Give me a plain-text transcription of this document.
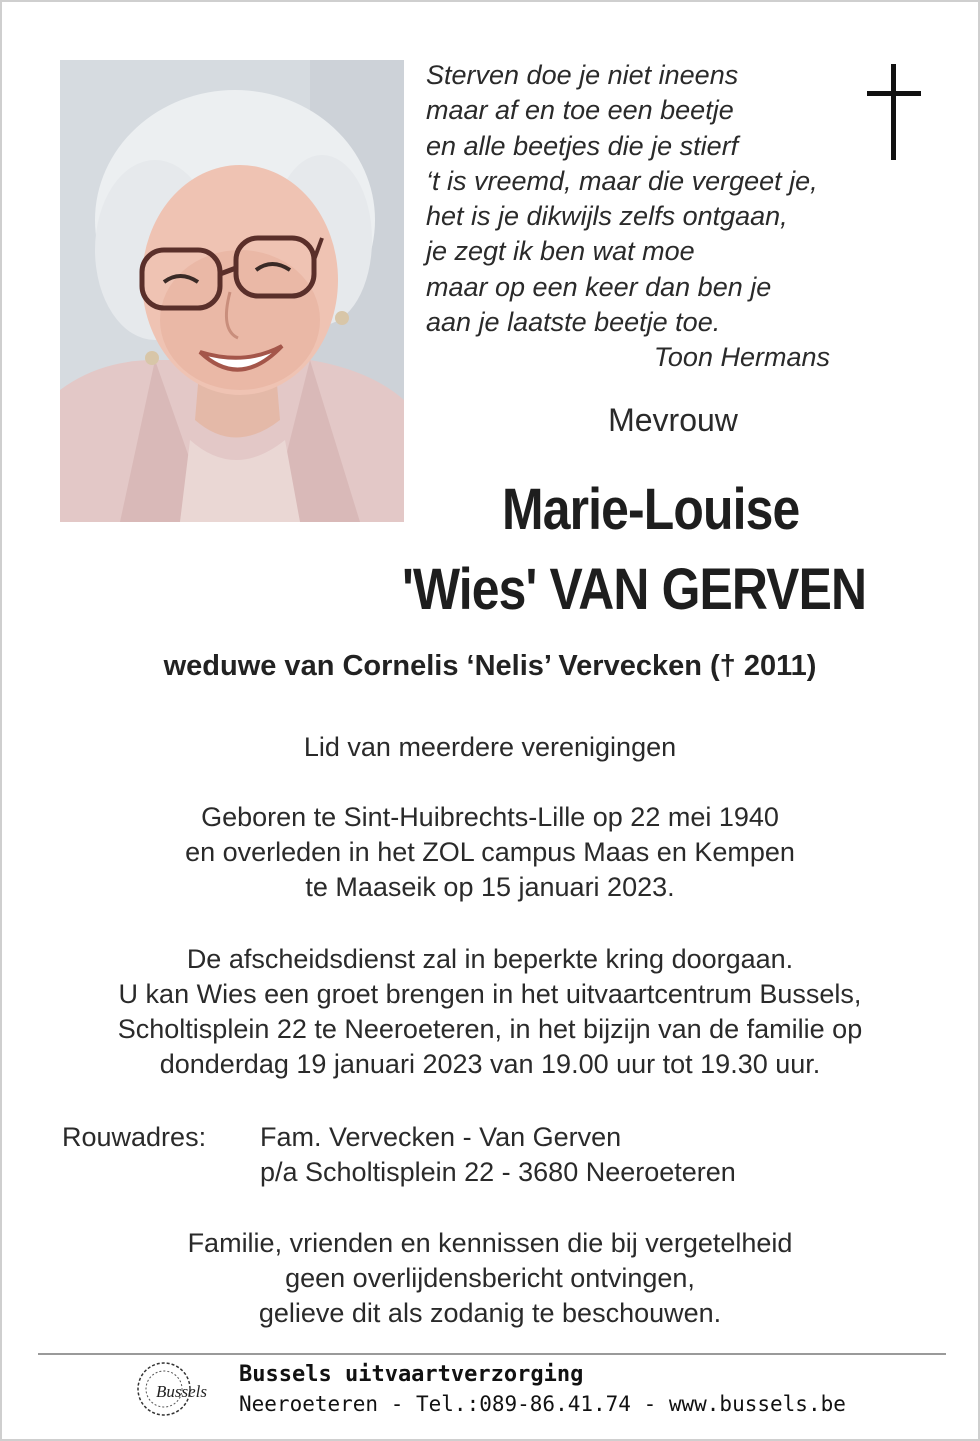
Sterven doe je niet ineens
maar af en toe een beetje
en alle beetjes die je stierf
‘t is vreemd, maar die vergeet je,
het is je dikwijls zelfs ontgaan,
je zegt ik ben wat moe
maar op een keer dan ben je
aan je laatste beetje toe.
Toon Hermans
Mevrouw
Marie-Louise
'Wies' VAN GERVEN
weduwe van Cornelis ‘Nelis’ Vervecken († 2011)
Lid van meerdere verenigingen
Geboren te Sint-Huibrechts-Lille op 22 mei 1940
en overleden in het ZOL campus Maas en Kempen
te Maaseik op 15 januari 2023.
De afscheidsdienst zal in beperkte kring doorgaan.
U kan Wies een groet brengen in het uitvaartcentrum Bussels,
Scholtisplein 22 te Neeroeteren, in het bijzijn van de familie op
donderdag 19 januari 2023 van 19.00 uur tot 19.30 uur.
Rouwadres: Fam. Vervecken - Van Gerven
p/a Scholtisplein 22 - 3680 Neeroeteren
Familie, vrienden en kennissen die bij vergetelheid
geen overlijdensbericht ontvingen,
gelieve dit als zodanig te beschouwen.
Bussels
Bussels uitvaartverzorging
Neeroeteren - Tel.:089-86.41.74 - www.bussels.be
